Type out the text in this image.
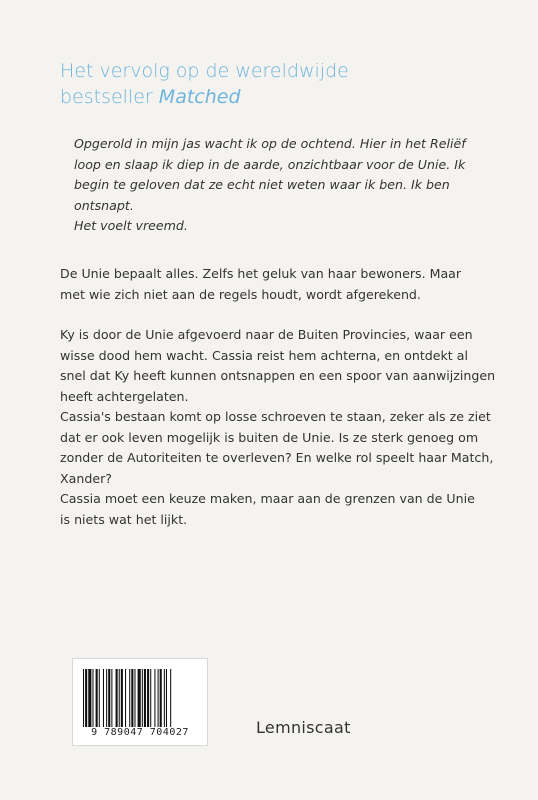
Het vervolg op de wereldwijde
bestseller Matched

Opgerold in mijn jas wacht ik op de ochtend. Hier in het Reliëf

loop en slaap ik diep in de aarde, onzichtbaar voor de Unie. Ik

begin te geloven dat ze echt niet weten waar ik ben. Ik ben

ontsnapt.

Het voelt vreemd.

De Unie bepaalt alles. Zelfs het geluk van haar bewoners. Maar

met wie zich niet aan de regels houdt, wordt afgerekend.

Ky is door de Unie afgevoerd naar de Buiten Provincies, waar een

wisse dood hem wacht. Cassia reist hem achterna, en ontdekt al

snel dat Ky heeft kunnen ontsnappen en een spoor van aanwijzingen

heeft achtergelaten.

Cassia's bestaan komt op losse schroeven te staan, zeker als ze ziet

dat er ook leven mogelijk is buiten de Unie. Is ze sterk genoeg om

zonder de Autoriteiten te overleven? En welke rol speelt haar Match,

Xander?

Cassia moet een keuze maken, maar aan de grenzen van de Unie

is niets wat het lijkt.

9 789047 704027	Lemniscaat
